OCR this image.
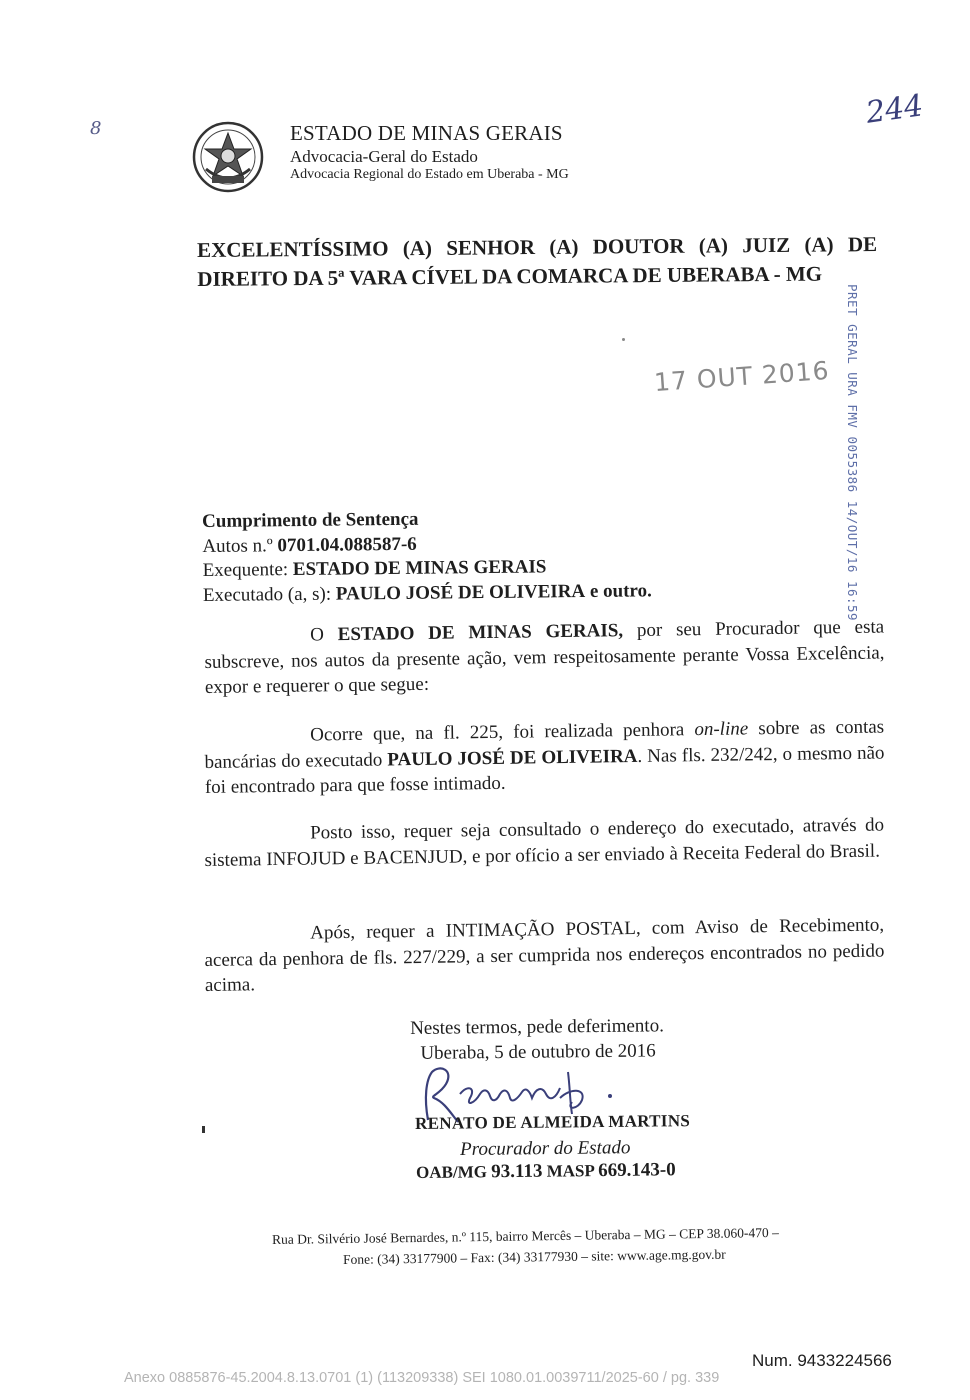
244
8	ESTADO DE MINAS GERAIS
Advocacia-Geral do Estado
Advocacia Regional do Estado em Uberaba - MG
EXCELENTÍSSIMO (A) SENHOR (A) DOUTOR (A) JUIZ (A) DE
DIREITO DA 5ª VARA CÍVEL DA COMARCA DE UBERABA - MG
17 OUT 2016 PRET GERAL URA FMV 0055386 14/OUT/16 16:59
Cumprimento de Sentença
Autos n.º 0701.04.088587-6
Exequente: ESTADO DE MINAS GERAIS
Executado (a, s): PAULO JOSÉ DE OLIVEIRA e outro.

O ESTADO DE MINAS GERAIS, por seu Procurador que esta subscreve, nos autos da presente ação, vem respeitosamente perante Vossa Excelência, expor e requerer o que segue:

Ocorre que, na fl. 225, foi realizada penhora on-line sobre as contas bancárias do executado PAULO JOSÉ DE OLIVEIRA. Nas fls. 232/242, o mesmo não foi encontrado para que fosse intimado.

Posto isso, requer seja consultado o endereço do executado, através do sistema INFOJUD e BACENJUD, e por ofício a ser enviado à Receita Federal do Brasil.

Após, requer a INTIMAÇÃO POSTAL, com Aviso de Recebimento, acerca da penhora de fls. 227/229, a ser cumprida nos endereços encontrados no pedido acima.

Nestes termos, pede deferimento.
Uberaba, 5 de outubro de 2016
RENATO DE ALMEIDA MARTINS
Procurador do Estado
OAB/MG 93.113 MASP 669.143-0
Rua Dr. Silvério José Bernardes, n.º 115, bairro Mercês – Uberaba – MG – CEP 38.060-470 –
Fone: (34) 33177900 – Fax: (34) 33177930 – site: www.age.mg.gov.br
Num. 9433224566
Anexo 0885876-45.2004.8.13.0701 (1) (113209338) SEI 1080.01.0039711/2025-60 / pg. 339
